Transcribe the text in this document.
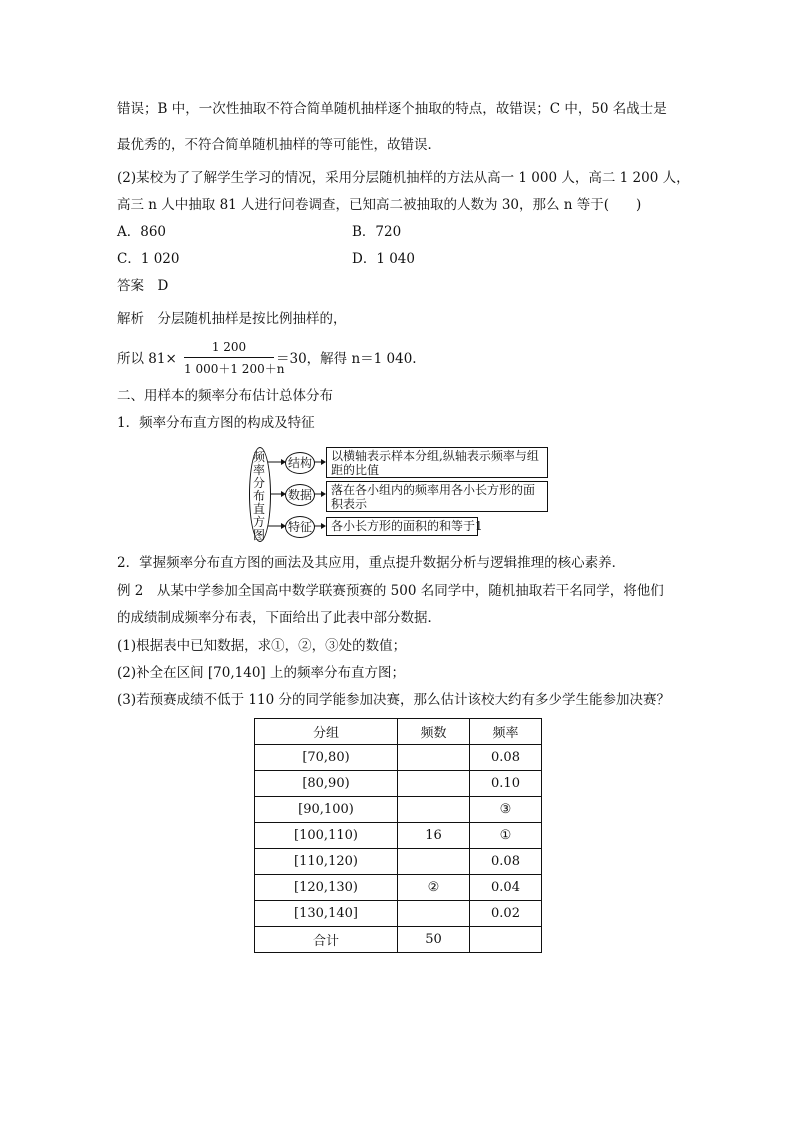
错误；B 中，一次性抽取不符合简单随机抽样逐个抽取的特点，故错误；C 中，50 名战士是
最优秀的，不符合简单随机抽样的等可能性，故错误．
(2)某校为了了解学生学习的情况，采用分层随机抽样的方法从高一 1 000 人，高二 1 200 人，
高三 n 人中抽取 81 人进行问卷调查，已知高二被抽取的人数为 30，那么 n 等于(　　)
A．860	B．720
C．1 020	D．1 040
答案　D
解析　分层随机抽样是按比例抽样的，
所以 81×
1 200
1 000＋1 200＋n
＝30，解得 n＝1 040.
二、用样本的频率分布估计总体分布
1．频率分布直方图的构成及特征
频
率
分
布
直
方
图
结构
数据
特征
以横轴表示样本分组,纵轴表示频率与组距的比值
落在各小组内的频率用各小长方形的面积表示
各小长方形的面积的和等于1
2．掌握频率分布直方图的画法及其应用，重点提升数据分析与逻辑推理的核心素养．
例 2　从某中学参加全国高中数学联赛预赛的 500 名同学中，随机抽取若干名同学，将他们
的成绩制成频率分布表，下面给出了此表中部分数据．
(1)根据表中已知数据，求①，②，③处的数值；
(2)补全在区间 [70,140] 上的频率分布直方图；
(3)若预赛成绩不低于 110 分的同学能参加决赛，那么估计该校大约有多少学生能参加决赛？
分组	频数	频率
[70,80)		0.08
[80,90)		0.10
[90,100)		③
[100,110)	16	①
[110,120)		0.08
[120,130)	②	0.04
[130,140]		0.02
合计	50	
